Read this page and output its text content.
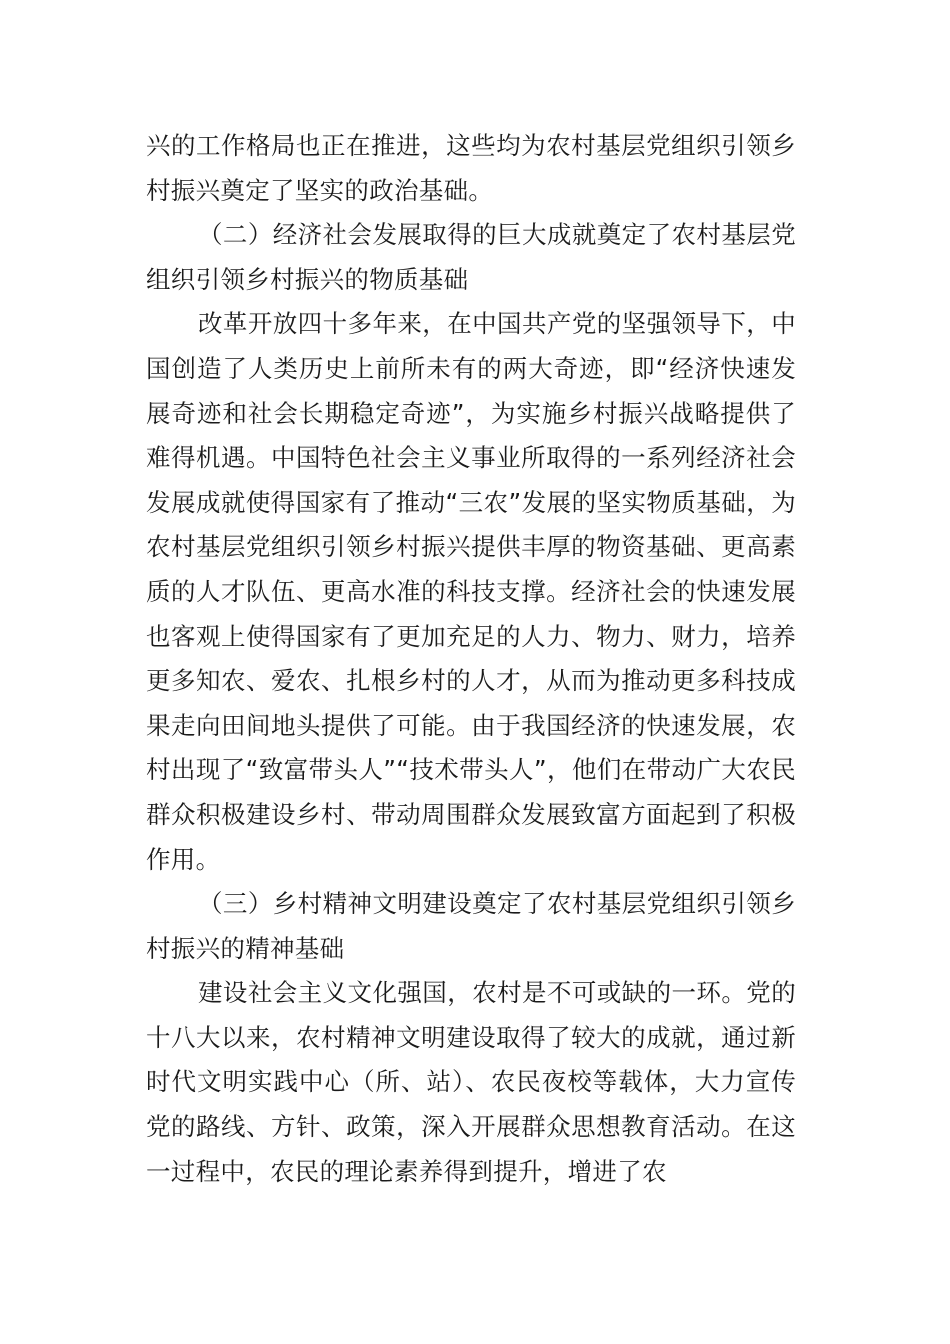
兴的工作格局也正在推进，这些均为农村基层党组织引领乡村振兴奠定了坚实的政治基础。

（二）经济社会发展取得的巨大成就奠定了农村基层党组织引领乡村振兴的物质基础

改革开放四十多年来，在中国共产党的坚强领导下，中国创造了人类历史上前所未有的两大奇迹，即“经济快速发展奇迹和社会长期稳定奇迹”，为实施乡村振兴战略提供了难得机遇。中国特色社会主义事业所取得的一系列经济社会发展成就使得国家有了推动“三农”发展的坚实物质基础，为农村基层党组织引领乡村振兴提供丰厚的物资基础、更高素质的人才队伍、更高水准的科技支撑。经济社会的快速发展也客观上使得国家有了更加充足的人力、物力、财力，培养更多知农、爱农、扎根乡村的人才，从而为推动更多科技成果走向田间地头提供了可能。由于我国经济的快速发展，农村出现了“致富带头人”“技术带头人”，他们在带动广大农民群众积极建设乡村、带动周围群众发展致富方面起到了积极作用。

（三）乡村精神文明建设奠定了农村基层党组织引领乡村振兴的精神基础

建设社会主义文化强国，农村是不可或缺的一环。党的十八大以来，农村精神文明建设取得了较大的成就，通过新时代文明实践中心（所、站）、农民夜校等载体，大力宣传党的路线、方针、政策，深入开展群众思想教育活动。在这一过程中，农民的理论素养得到提升，增进了农
